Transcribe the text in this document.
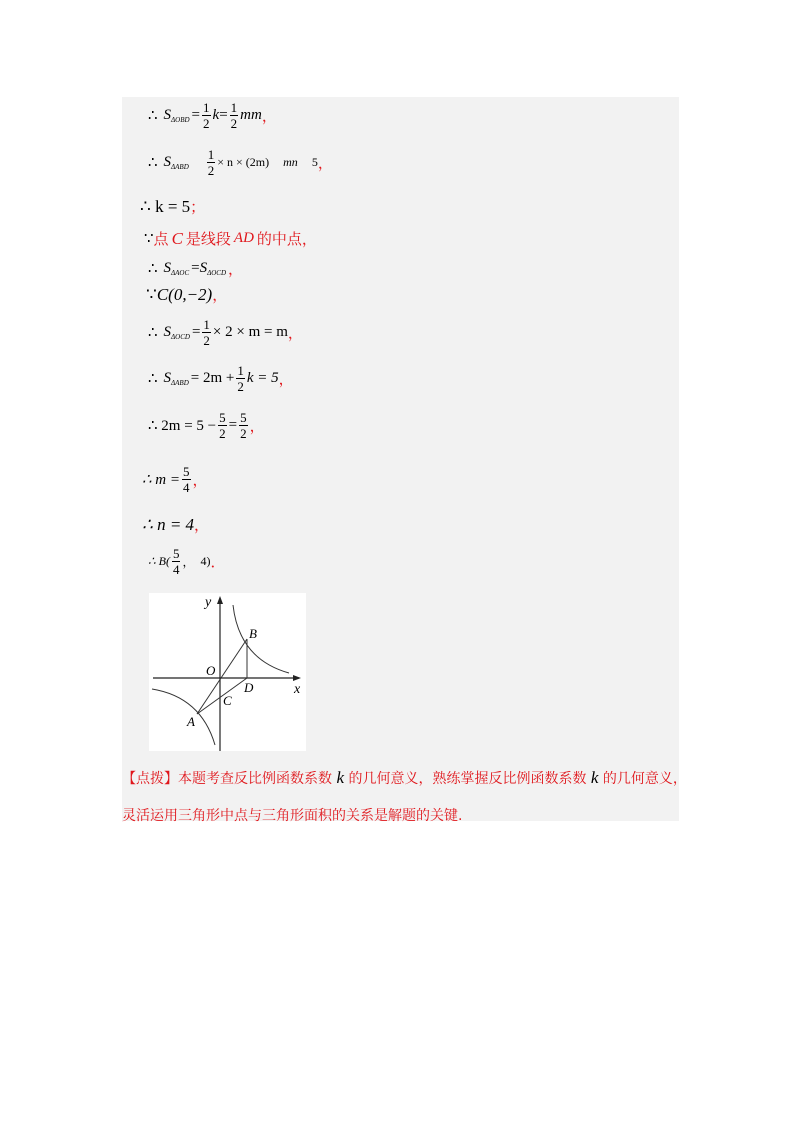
∴ S $\Delta OBD = \frac{1}{2}$ $k = \frac{1}{2}$ mm ，
∴ S ΔABD $\frac{1}{2} \times n \times (2m)$ mn 5 ，
∴ k = 5 ；
∵ 点 C 是线段 AD 的中点，
∴ S ΔAOC = S ΔOCD ，
∵ C(0,−2) ，
∴ S $\Delta OCD = \frac{1}{2} \times 2 \times m = m$ ，
∴ S $\Delta ABD = 2m + \frac{1}{2}$ k = 5 ，
∴ $2m = 5 - \frac{5}{2} = \frac{5}{2}$ ，
∴ $m = \frac{5}{4}$ ，
∴ n = 4 ，
∴ $B( \frac{5}{4}$ ， 4) ．
y
x
O
B
D
C
A
【点拨】本题考查反比例函数系数 k 的几何意义，熟练掌握反比例函数系数 k 的几何意义，
灵活运用三角形中点与三角形面积的关系是解题的关键.
